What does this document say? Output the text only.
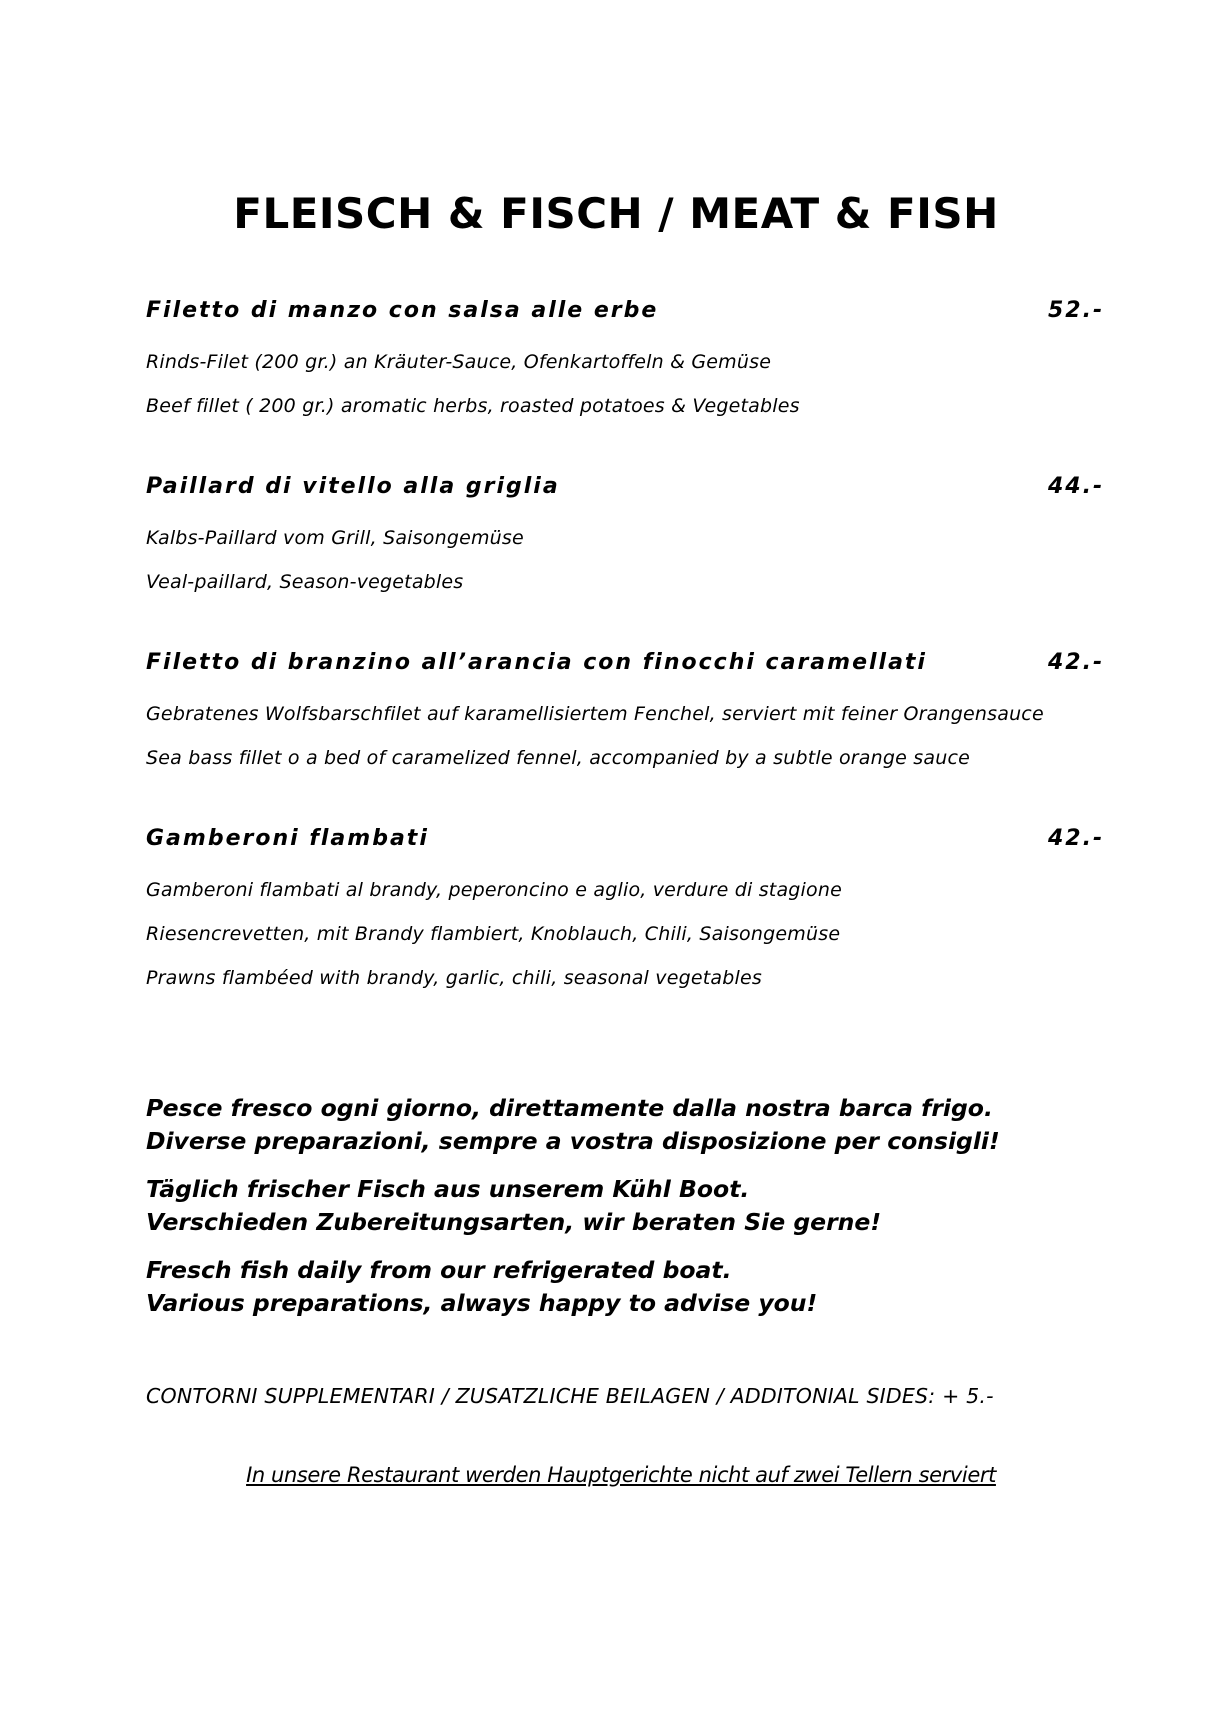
FLEISCH & FISCH / MEAT & FISH
Filetto di manzo con salsa alle erbe	52.-
Rinds-Filet (200 gr.) an Kräuter-Sauce, Ofenkartoffeln & Gemüse
Beef fillet ( 200 gr.) aromatic herbs, roasted potatoes & Vegetables
Paillard di vitello alla griglia	44.-
Kalbs-Paillard vom Grill, Saisongemüse
Veal-paillard, Season-vegetables
Filetto di branzino all’arancia con finocchi caramellati	42.-
Gebratenes Wolfsbarschfilet auf karamellisiertem Fenchel, serviert mit feiner Orangensauce
Sea bass fillet o a bed of caramelized fennel, accompanied by a subtle orange sauce
Gamberoni flambati	42.-
Gamberoni flambati al brandy, peperoncino e aglio, verdure di stagione
Riesencrevetten, mit Brandy flambiert, Knoblauch, Chili, Saisongemüse
Prawns flambéed with brandy, garlic, chili, seasonal vegetables

Pesce fresco ogni giorno, direttamente dalla nostra barca frigo.

Diverse preparazioni, sempre a vostra disposizione per consigli!

Täglich frischer Fisch aus unserem Kühl Boot.

Verschieden Zubereitungsarten, wir beraten Sie gerne!

Fresch fish daily from our refrigerated boat.

Various preparations, always happy to advise you!

CONTORNI SUPPLEMENTARI / ZUSATZLICHE BEILAGEN / ADDITONIAL SIDES: + 5.-
In unsere Restaurant werden Hauptgerichte nicht auf zwei Tellern serviert
